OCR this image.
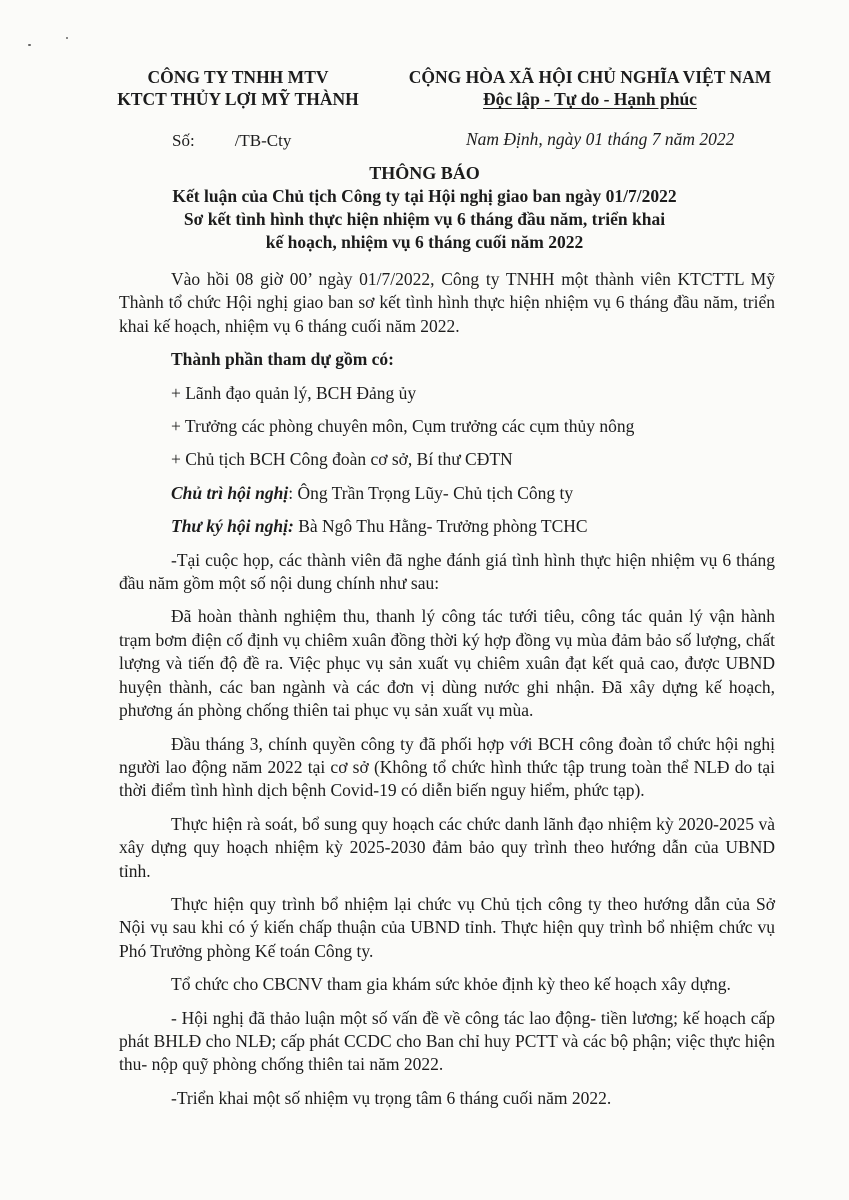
CÔNG TY TNHH MTV
KTCT THỦY LỢI MỸ THÀNH
CỘNG HÒA XÃ HỘI CHỦ NGHĨA VIỆT NAM
Độc lập - Tự do - Hạnh phúc
Số: /TB-Cty	Nam Định, ngày 01 tháng 7 năm 2022
THÔNG BÁO
Kết luận của Chủ tịch Công ty tại Hội nghị giao ban ngày 01/7/2022
Sơ kết tình hình thực hiện nhiệm vụ 6 tháng đầu năm, triển khai
kế hoạch, nhiệm vụ 6 tháng cuối năm 2022

Vào hồi 08 giờ 00’ ngày 01/7/2022, Công ty TNHH một thành viên KTCTTL Mỹ Thành tổ chức Hội nghị giao ban sơ kết tình hình thực hiện nhiệm vụ 6 tháng đầu năm, triển khai kế hoạch, nhiệm vụ 6 tháng cuối năm 2022.

Thành phần tham dự gồm có:

+ Lãnh đạo quản lý, BCH Đảng ủy

+ Trưởng các phòng chuyên môn, Cụm trưởng các cụm thủy nông

+ Chủ tịch BCH Công đoàn cơ sở, Bí thư CĐTN

Chủ trì hội nghị: Ông Trần Trọng Lũy- Chủ tịch Công ty

Thư ký hội nghị: Bà Ngô Thu Hằng- Trưởng phòng TCHC

-Tại cuộc họp, các thành viên đã nghe đánh giá tình hình thực hiện nhiệm vụ 6 tháng đầu năm gồm một số nội dung chính như sau:

Đã hoàn thành nghiệm thu, thanh lý công tác tưới tiêu, công tác quản lý vận hành trạm bơm điện cố định vụ chiêm xuân đồng thời ký hợp đồng vụ mùa đảm bảo số lượng, chất lượng và tiến độ đề ra. Việc phục vụ sản xuất vụ chiêm xuân đạt kết quả cao, được UBND huyện thành, các ban ngành và các đơn vị dùng nước ghi nhận. Đã xây dựng kế hoạch, phương án phòng chống thiên tai phục vụ sản xuất vụ mùa.

Đầu tháng 3, chính quyền công ty đã phối hợp với BCH công đoàn tổ chức hội nghị người lao động năm 2022 tại cơ sở (Không tổ chức hình thức tập trung toàn thể NLĐ do tại thời điểm tình hình dịch bệnh Covid-19 có diễn biến nguy hiểm, phức tạp).

Thực hiện rà soát, bổ sung quy hoạch các chức danh lãnh đạo nhiệm kỳ 2020-2025 và xây dựng quy hoạch nhiệm kỳ 2025-2030 đảm bảo quy trình theo hướng dẫn của UBND tỉnh.

Thực hiện quy trình bổ nhiệm lại chức vụ Chủ tịch công ty theo hướng dẫn của Sở Nội vụ sau khi có ý kiến chấp thuận của UBND tỉnh. Thực hiện quy trình bổ nhiệm chức vụ Phó Trưởng phòng Kế toán Công ty.

Tổ chức cho CBCNV tham gia khám sức khỏe định kỳ theo kế hoạch xây dựng.

- Hội nghị đã thảo luận một số vấn đề về công tác lao động- tiền lương; kế hoạch cấp phát BHLĐ cho NLĐ; cấp phát CCDC cho Ban chỉ huy PCTT và các bộ phận; việc thực hiện thu- nộp quỹ phòng chống thiên tai năm 2022.

-Triển khai một số nhiệm vụ trọng tâm 6 tháng cuối năm 2022.
